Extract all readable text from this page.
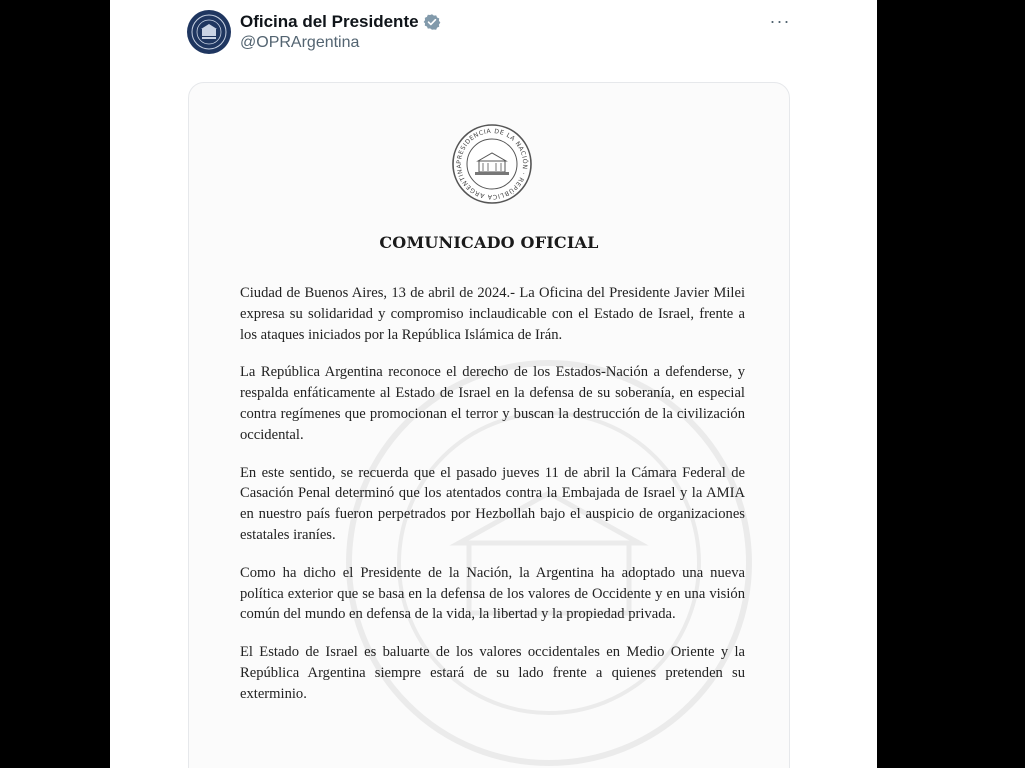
Oficina del Presidente
@OPRArgentina
···
PRESIDENCIA DE LA NACIÓN · REPÚBLICA ARGENTINA
COMUNICADO OFICIAL

Ciudad de Buenos Aires, 13 de abril de 2024.- La Oficina del Presidente Javier Milei expresa su solidaridad y compromiso inclaudicable con el Estado de Israel, frente a los ataques iniciados por la República Islámica de Irán.

La República Argentina reconoce el derecho de los Estados-Nación a defenderse, y respalda enfáticamente al Estado de Israel en la defensa de su soberanía, en especial contra regímenes que promocionan el terror y buscan la destrucción de la civilización occidental.

En este sentido, se recuerda que el pasado jueves 11 de abril la Cámara Federal de Casación Penal determinó que los atentados contra la Embajada de Israel y la AMIA en nuestro país fueron perpetrados por Hezbollah bajo el auspicio de organizaciones estatales iraníes.

Como ha dicho el Presidente de la Nación, la Argentina ha adoptado una nueva política exterior que se basa en la defensa de los valores de Occidente y en una visión común del mundo en defensa de la vida, la libertad y la propiedad privada.

El Estado de Israel es baluarte de los valores occidentales en Medio Oriente y la República Argentina siempre estará de su lado frente a quienes pretenden su exterminio.
